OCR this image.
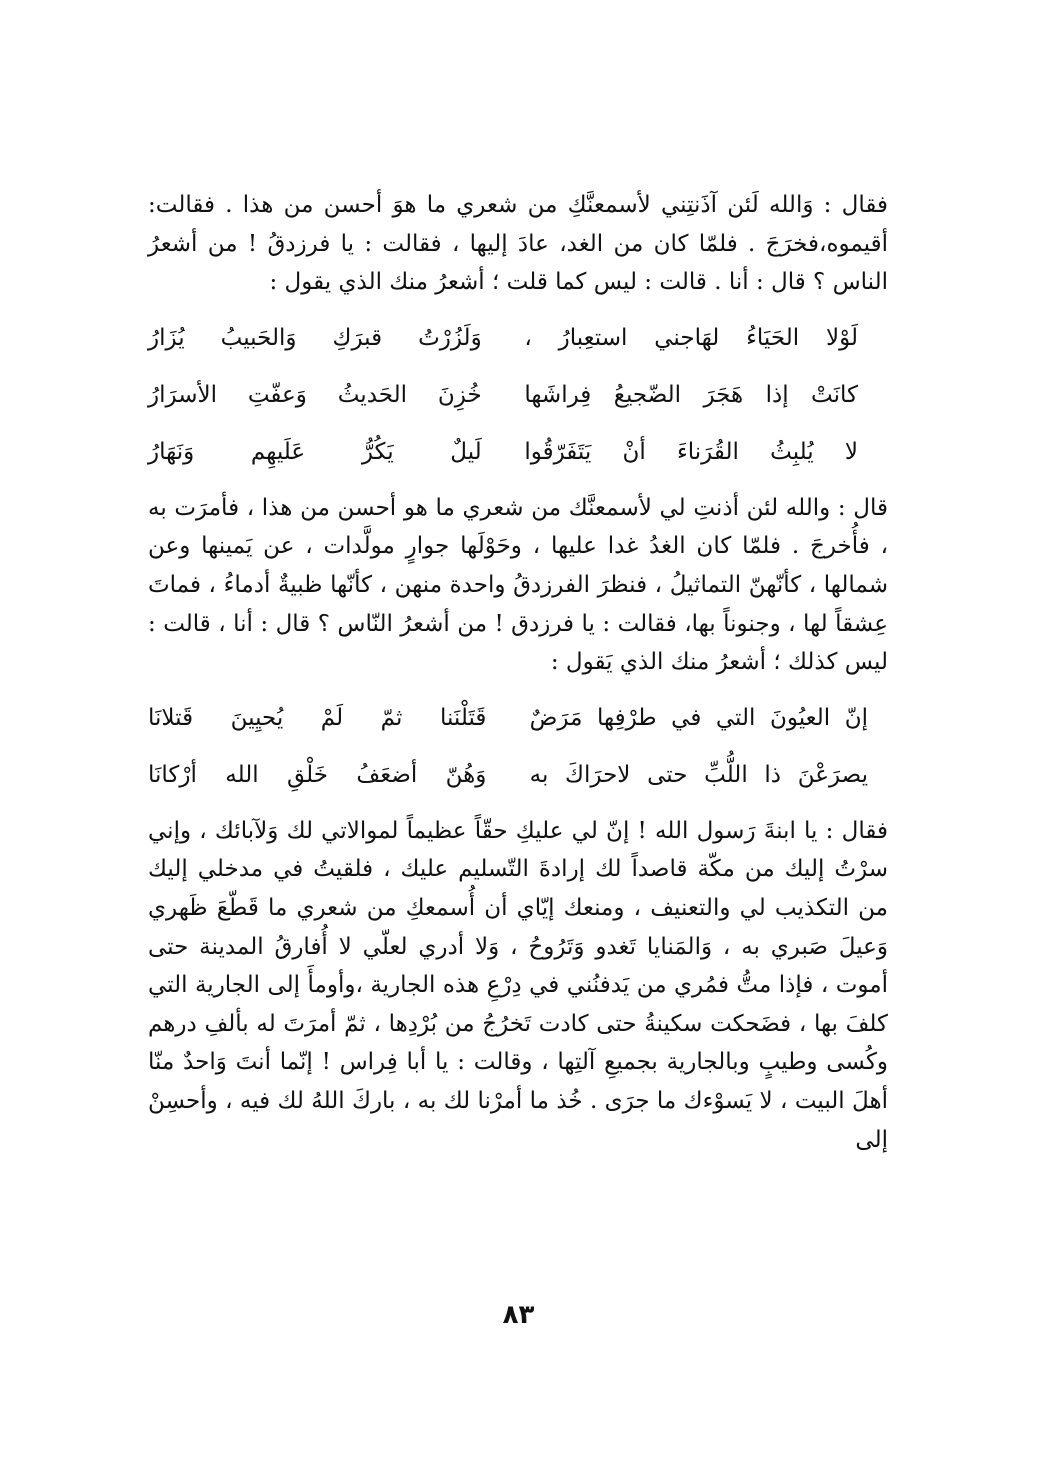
فقال : وَالله لَئن آذَنتِني لأسمعنَّكِ من شعري ما هوَ أحسن من هذا . فقالت: أقيموه،فخرَجَ . فلمّا كان من الغد، عادَ إليها ، فقالت : يا فرزدقُ ! من أشعرُ الناس ؟ قال : أنا . قالت : ليس كما قلت ؛ أشعرُ منك الذي يقول :

لَوْلا الحَيَاءُ لهَاجني استعِبارُ ،
وَلَزُرْتُ قبرَكِ وَالحَبيبُ يُزَارُ
كانَتْ إذا هَجَرَ الضّجيعُ فِراشَها
خُزِنَ الحَديثُ وَعفّتِ الأسرَارُ
لا يُلبِثُ القُرَناءَ أنْ يَتَفَرّقُوا
لَيلٌ يَكُرُّ عَلَيهِم وَنَهَارُ

قال : والله لئن أذنتِ لي لأسمعنَّك من شعري ما هو أحسن من هذا ، فأمرَت به ، فأُخرجَ . فلمّا كان الغدُ غدا عليها ، وحَوْلَها جوارٍ مولَّدات ، عن يَمينها وعن شمالها ، كأنّهنّ التماثيلُ ، فنظرَ الفرزدقُ واحدة منهن ، كأنّها ظبيةٌ أدماءُ ، فماتَ عِشقاً لها ، وجنوناً بها، فقالت : يا فرزدق ! من أشعرُ النّاس ؟ قال : أنا ، قالت : ليس كذلك ؛ أشعرُ منك الذي يَقول :

إنّ العيُونَ التي في طرْفِها مَرَضٌ
قَتَلْنَنا ثمّ لَمْ يُحيِينَ قَتلانَا
يصرَعْنَ ذا اللُّبِّ حتى لاحرَاكَ به
وَهُنّ أضعَفُ خَلْقِ الله أرْكانَا

فقال : يا ابنةَ رَسول الله ! إنّ لي عليكِ حقّاً عظيماً لموالاتي لك وَلآبائك ، وإني سرْتُ إليك من مكّة قاصداً لك إرادةَ التّسليم عليك ، فلقيتُ في مدخلي إليك من التكذيب لي والتعنيف ، ومنعك إيّاي أن أُسمعكِ من شعري ما قَطّعَ ظَهري وَعيلَ صَبري به ، وَالمَنايا تَغدو وَتَرُوحُ ، وَلا أدري لعلّي لا أُفارقُ المدينة حتى أموت ، فإذا متُّ فمُري من يَدفنُني في دِرْعِ هذه الجارية ،وأومأَ إلى الجارية التي كلفَ بها ، فضَحكت سكينةُ حتى كادت تَخرُجُ من بُرْدِها ، ثمّ أمرَتَ له بألفِ درهم وكُسى وطيبٍ وبالجارية بجميعِ آلتِها ، وقالت : يا أبا فِراس ! إنّما أنتَ وَاحدٌ منّا أهلَ البيت ، لا يَسوْءك ما جرَى . خُذ ما أمرْنا لك به ، باركَ اللهُ لك فيه ، وأحسِنْ إلى

٨٣
